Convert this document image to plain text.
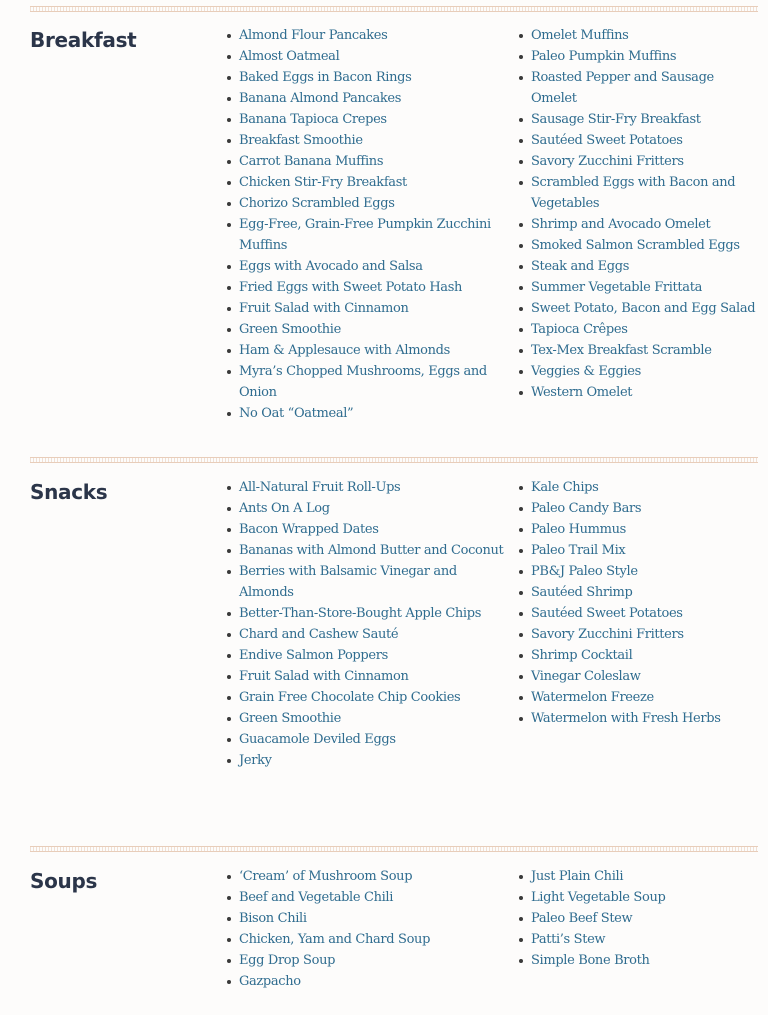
Breakfast	Almond Flour Pancakes
Almost Oatmeal
Baked Eggs in Bacon Rings
Banana Almond Pancakes
Banana Tapioca Crepes
Breakfast Smoothie
Carrot Banana Muffins
Chicken Stir-Fry Breakfast
Chorizo Scrambled Eggs
Egg-Free, Grain-Free Pumpkin Zucchini Muffins
Eggs with Avocado and Salsa
Fried Eggs with Sweet Potato Hash
Fruit Salad with Cinnamon
Green Smoothie
Ham & Applesauce with Almonds
Myra’s Chopped Mushrooms, Eggs and Onion
No Oat “Oatmeal”
Omelet Muffins
Paleo Pumpkin Muffins
Roasted Pepper and Sausage Omelet
Sausage Stir-Fry Breakfast
Sautéed Sweet Potatoes
Savory Zucchini Fritters
Scrambled Eggs with Bacon and Vegetables
Shrimp and Avocado Omelet
Smoked Salmon Scrambled Eggs
Steak and Eggs
Summer Vegetable Frittata
Sweet Potato, Bacon and Egg Salad
Tapioca Crêpes
Tex-Mex Breakfast Scramble
Veggies & Eggies
Western Omelet
Snacks	All-Natural Fruit Roll-Ups
Ants On A Log
Bacon Wrapped Dates
Bananas with Almond Butter and Coconut
Berries with Balsamic Vinegar and Almonds
Better-Than-Store-Bought Apple Chips
Chard and Cashew Sauté
Endive Salmon Poppers
Fruit Salad with Cinnamon
Grain Free Chocolate Chip Cookies
Green Smoothie
Guacamole Deviled Eggs
Jerky
Kale Chips
Paleo Candy Bars
Paleo Hummus
Paleo Trail Mix
PB&J Paleo Style
Sautéed Shrimp
Sautéed Sweet Potatoes
Savory Zucchini Fritters
Shrimp Cocktail
Vinegar Coleslaw
Watermelon Freeze
Watermelon with Fresh Herbs
Soups	‘Cream’ of Mushroom Soup
Beef and Vegetable Chili
Bison Chili
Chicken, Yam and Chard Soup
Egg Drop Soup
Gazpacho
Just Plain Chili
Light Vegetable Soup
Paleo Beef Stew
Patti’s Stew
Simple Bone Broth
